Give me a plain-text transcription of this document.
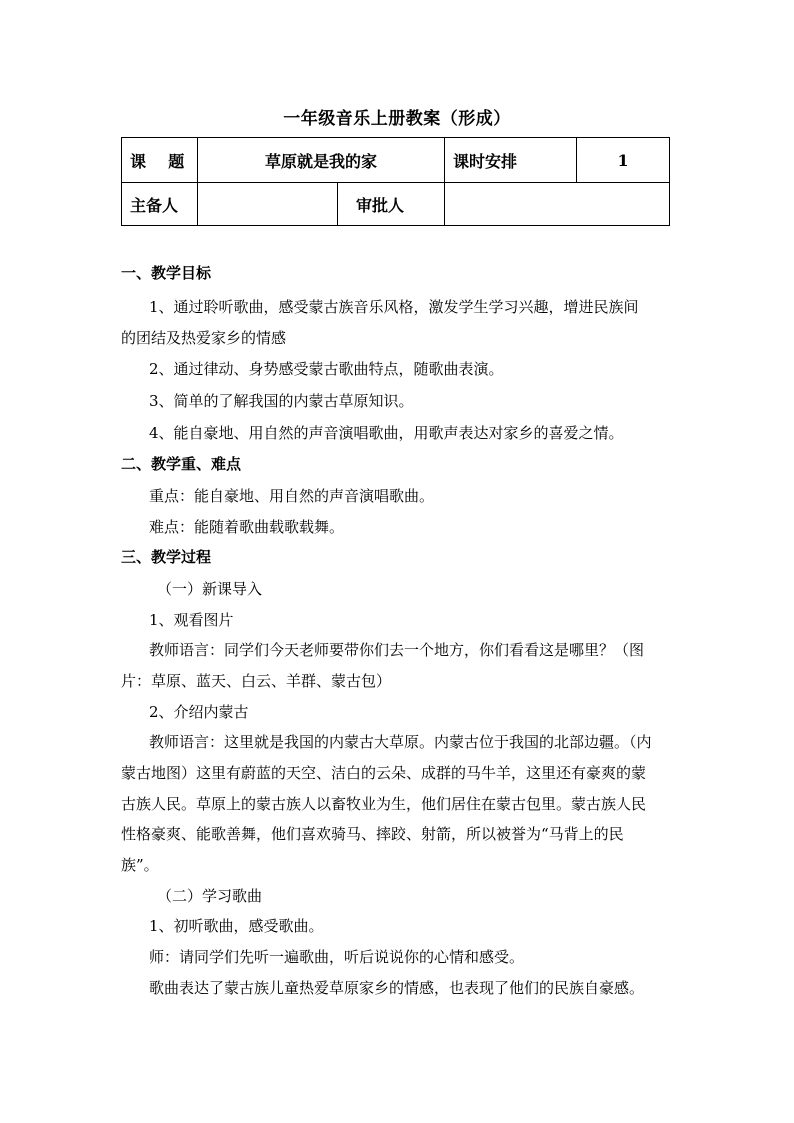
一年级音乐上册教案（形成）
课    题	草原就是我的家		课时安排	1
主备人		审批人		
一、教学目标
1、通过聆听歌曲，感受蒙古族音乐风格，激发学生学习兴趣，增进民族间
的团结及热爱家乡的情感
2、通过律动、身势感受蒙古歌曲特点，随歌曲表演。
3、简单的了解我国的内蒙古草原知识。
4、能自豪地、用自然的声音演唱歌曲，用歌声表达对家乡的喜爱之情。
二、教学重、难点
重点：能自豪地、用自然的声音演唱歌曲。
难点：能随着歌曲载歌载舞。
三、教学过程
（一）新课导入
1、观看图片
教师语言：同学们今天老师要带你们去一个地方，你们看看这是哪里？（图
片：草原、蓝天、白云、羊群、蒙古包）
2、介绍内蒙古
教师语言：这里就是我国的内蒙古大草原。内蒙古位于我国的北部边疆。（内
蒙古地图）这里有蔚蓝的天空、洁白的云朵、成群的马牛羊，这里还有豪爽的蒙
古族人民。草原上的蒙古族人以畜牧业为生，他们居住在蒙古包里。蒙古族人民
性格豪爽、能歌善舞，他们喜欢骑马、摔跤、射箭，所以被誉为“马背上的民
族”。
（二）学习歌曲
1、初听歌曲，感受歌曲。
师：请同学们先听一遍歌曲，听后说说你的心情和感受。
歌曲表达了蒙古族儿童热爱草原家乡的情感，也表现了他们的民族自豪感。
